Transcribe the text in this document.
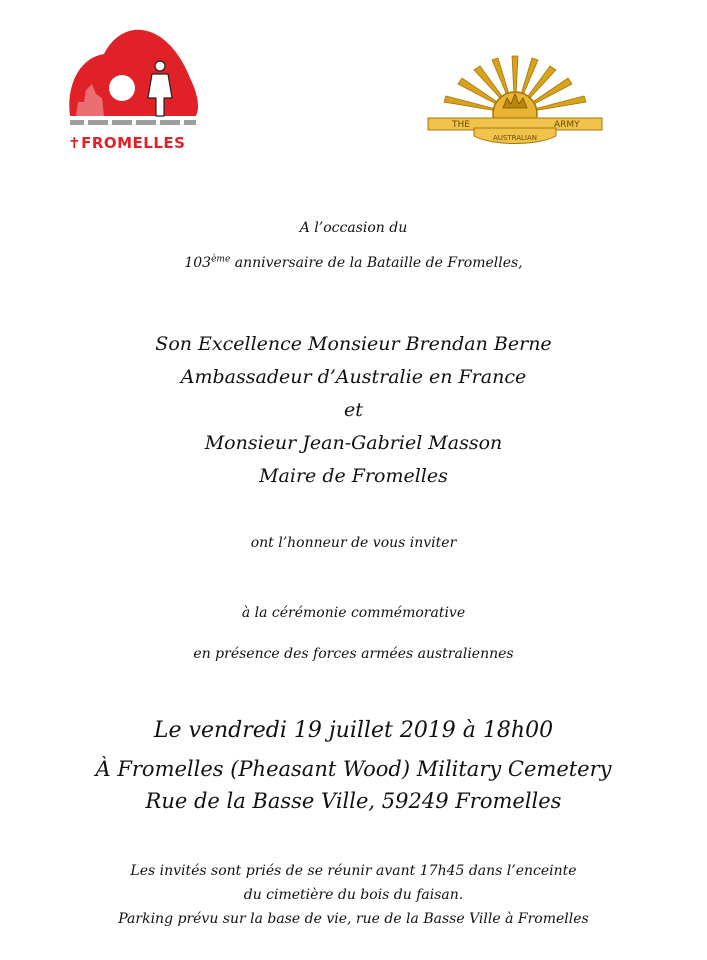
✝FROMELLES
THE	ARMY
AUSTRALIAN

A l’occasion du

103ème anniversaire de la Bataille de Fromelles,

Son Excellence Monsieur Brendan Berne

Ambassadeur d’Australie en France

et

Monsieur Jean-Gabriel Masson

Maire de Fromelles

ont l’honneur de vous inviter

à la cérémonie commémorative

en présence des forces armées australiennes

Le vendredi 19 juillet 2019 à 18h00

À Fromelles (Pheasant Wood) Military Cemetery

Rue de la Basse Ville, 59249 Fromelles

Les invités sont priés de se réunir avant 17h45 dans l’enceinte

du cimetière du bois du faisan.

Parking prévu sur la base de vie, rue de la Basse Ville à Fromelles
